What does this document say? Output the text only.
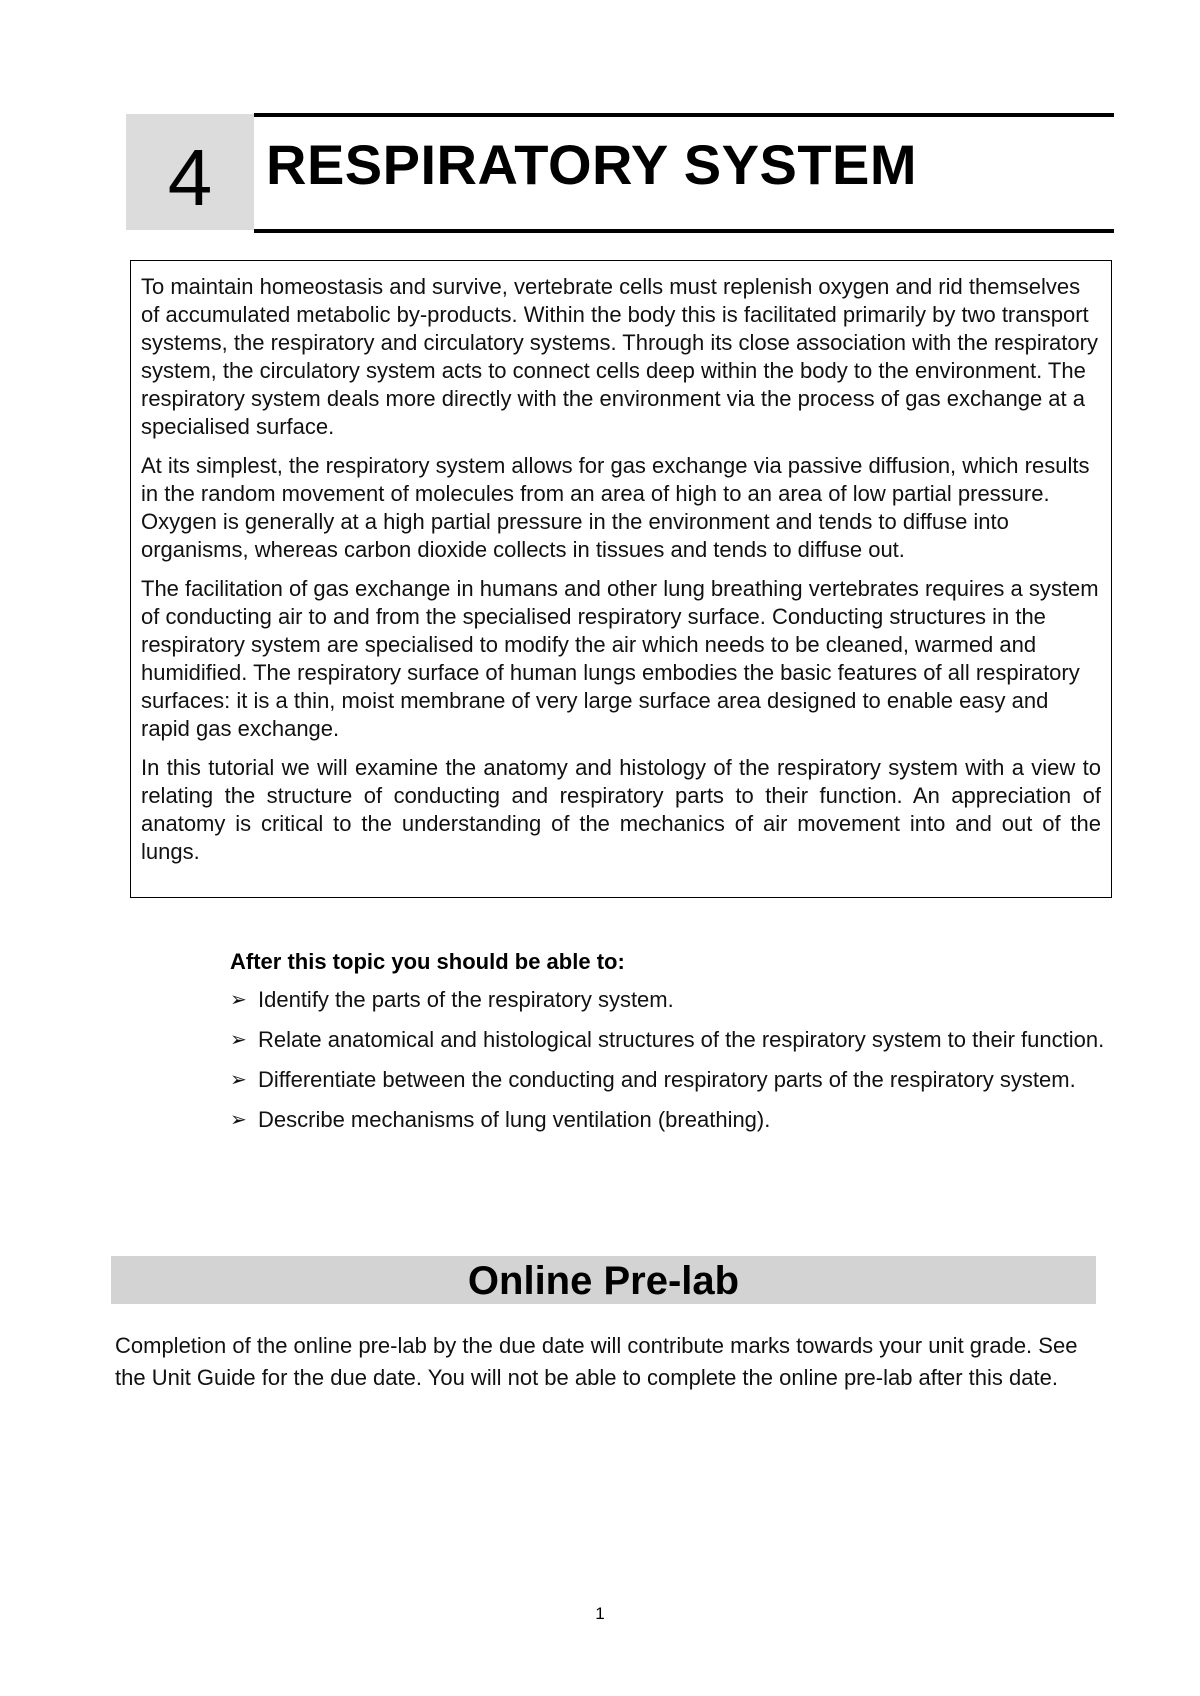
4 RESPIRATORY SYSTEM

To maintain homeostasis and survive, vertebrate cells must replenish oxygen and rid themselves of accumulated metabolic by-products. Within the body this is facilitated primarily by two transport systems, the respiratory and circulatory systems. Through its close association with the respiratory system, the circulatory system acts to connect cells deep within the body to the environment. The respiratory system deals more directly with the environment via the process of gas exchange at a specialised surface.

At its simplest, the respiratory system allows for gas exchange via passive diffusion, which results in the random movement of molecules from an area of high to an area of low partial pressure. Oxygen is generally at a high partial pressure in the environment and tends to diffuse into organisms, whereas carbon dioxide collects in tissues and tends to diffuse out.

The facilitation of gas exchange in humans and other lung breathing vertebrates requires a system of conducting air to and from the specialised respiratory surface. Conducting structures in the respiratory system are specialised to modify the air which needs to be cleaned, warmed and humidified. The respiratory surface of human lungs embodies the basic features of all respiratory surfaces: it is a thin, moist membrane of very large surface area designed to enable easy and rapid gas exchange.

In this tutorial we will examine the anatomy and histology of the respiratory system with a view to relating the structure of conducting and respiratory parts to their function. An appreciation of anatomy is critical to the understanding of the mechanics of air movement into and out of the lungs.

After this topic you should be able to:
➢ Identify the parts of the respiratory system.
➢ Relate anatomical and histological structures of the respiratory system to their function.
➢ Differentiate between the conducting and respiratory parts of the respiratory system.
➢ Describe mechanisms of lung ventilation (breathing).
Online Pre-lab

Completion of the online pre-lab by the due date will contribute marks towards your unit grade. See the Unit Guide for the due date. You will not be able to complete the online pre-lab after this date.

1
